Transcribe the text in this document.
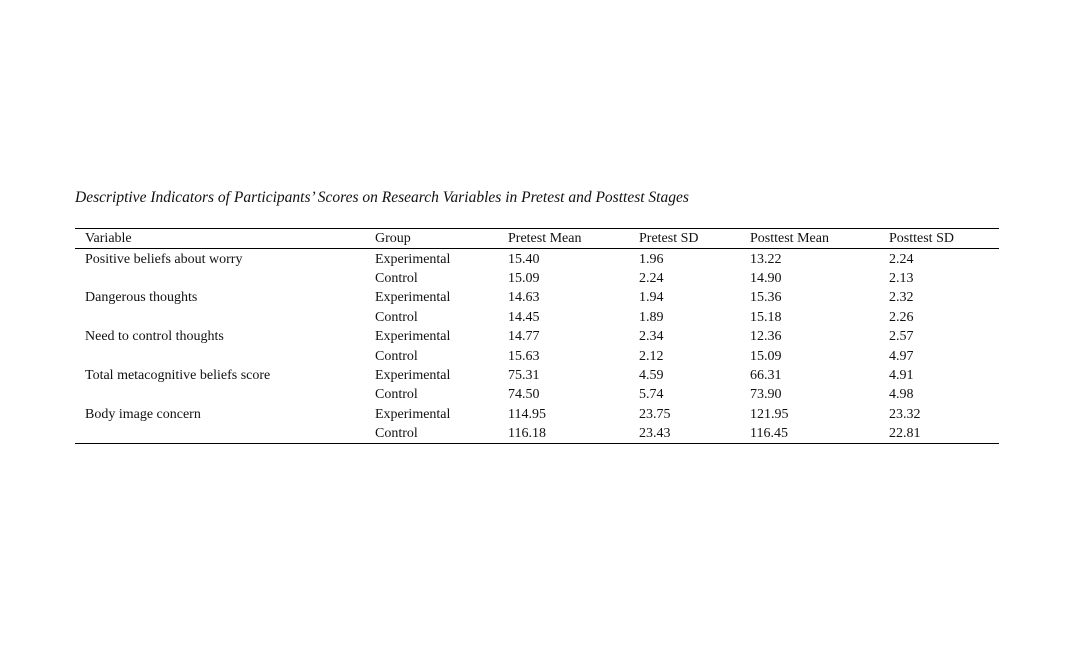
Descriptive Indicators of Participants’ Scores on Research Variables in Pretest and Posttest Stages
Variable	Group	Pretest Mean	Pretest SD	Posttest Mean	Posttest SD
Positive beliefs about worry	Experimental	15.40	1.96	13.22	2.24
	Control	15.09	2.24	14.90	2.13
Dangerous thoughts	Experimental	14.63	1.94	15.36	2.32
	Control	14.45	1.89	15.18	2.26
Need to control thoughts	Experimental	14.77	2.34	12.36	2.57
	Control	15.63	2.12	15.09	4.97
Total metacognitive beliefs score	Experimental	75.31	4.59	66.31	4.91
	Control	74.50	5.74	73.90	4.98
Body image concern	Experimental	114.95	23.75	121.95	23.32
	Control	116.18	23.43	116.45	22.81
